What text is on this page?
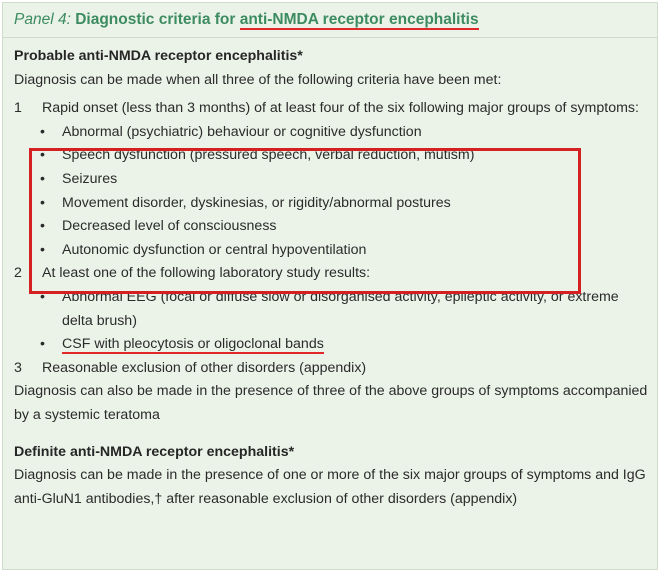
Panel 4: Diagnostic criteria for anti-NMDA receptor encephalitis
Probable anti-NMDA receptor encephalitis*
Diagnosis can be made when all three of the following criteria have been met:
1 Rapid onset (less than 3 months) of at least four of the six following major groups of symptoms:
• Abnormal (psychiatric) behaviour or cognitive dysfunction
• Speech dysfunction (pressured speech, verbal reduction, mutism)
• Seizures
• Movement disorder, dyskinesias, or rigidity/abnormal postures
• Decreased level of consciousness
• Autonomic dysfunction or central hypoventilation
2 At least one of the following laboratory study results:
• Abnormal EEG (focal or diffuse slow or disorganised activity, epileptic activity, or extreme delta brush)
• CSF with pleocytosis or oligoclonal bands
3 Reasonable exclusion of other disorders (appendix)
Diagnosis can also be made in the presence of three of the above groups of symptoms accompanied by a systemic teratoma
Definite anti-NMDA receptor encephalitis*
Diagnosis can be made in the presence of one or more of the six major groups of symptoms and IgG anti-GluN1 antibodies,† after reasonable exclusion of other disorders (appendix)
